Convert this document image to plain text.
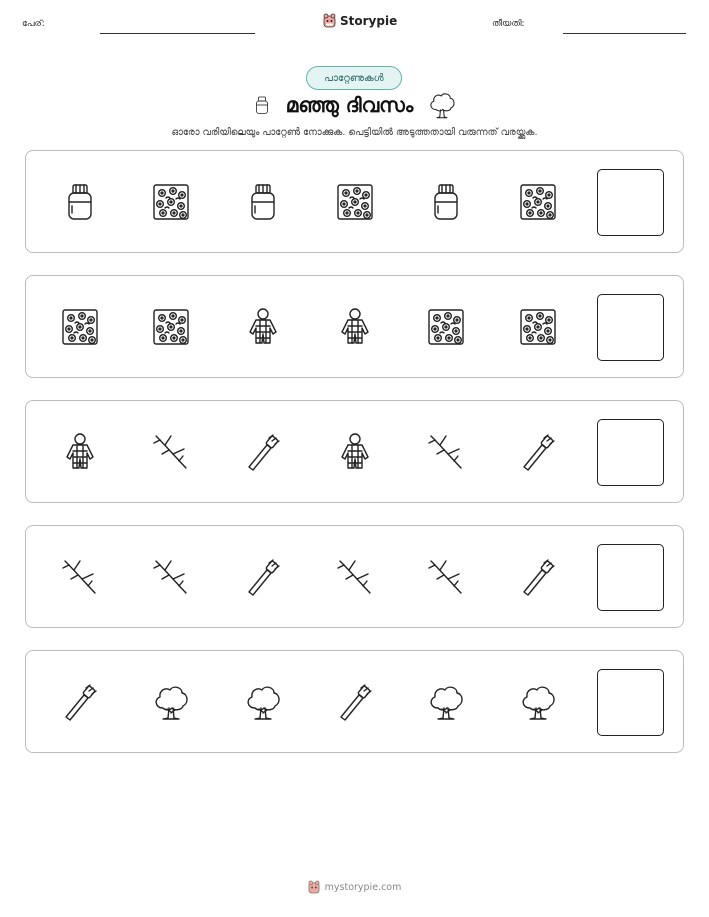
പേര്:	Storypie	തീയതി:
പാറ്റേണുകൾ
മഞ്ഞു ദിവസം
ഓരോ വരിയിലെയും പാറ്റേൺ നോക്കുക. പെട്ടിയിൽ അടുത്തതായി വരുന്നത് വരയ്ക്കുക.
mystorypie.com
